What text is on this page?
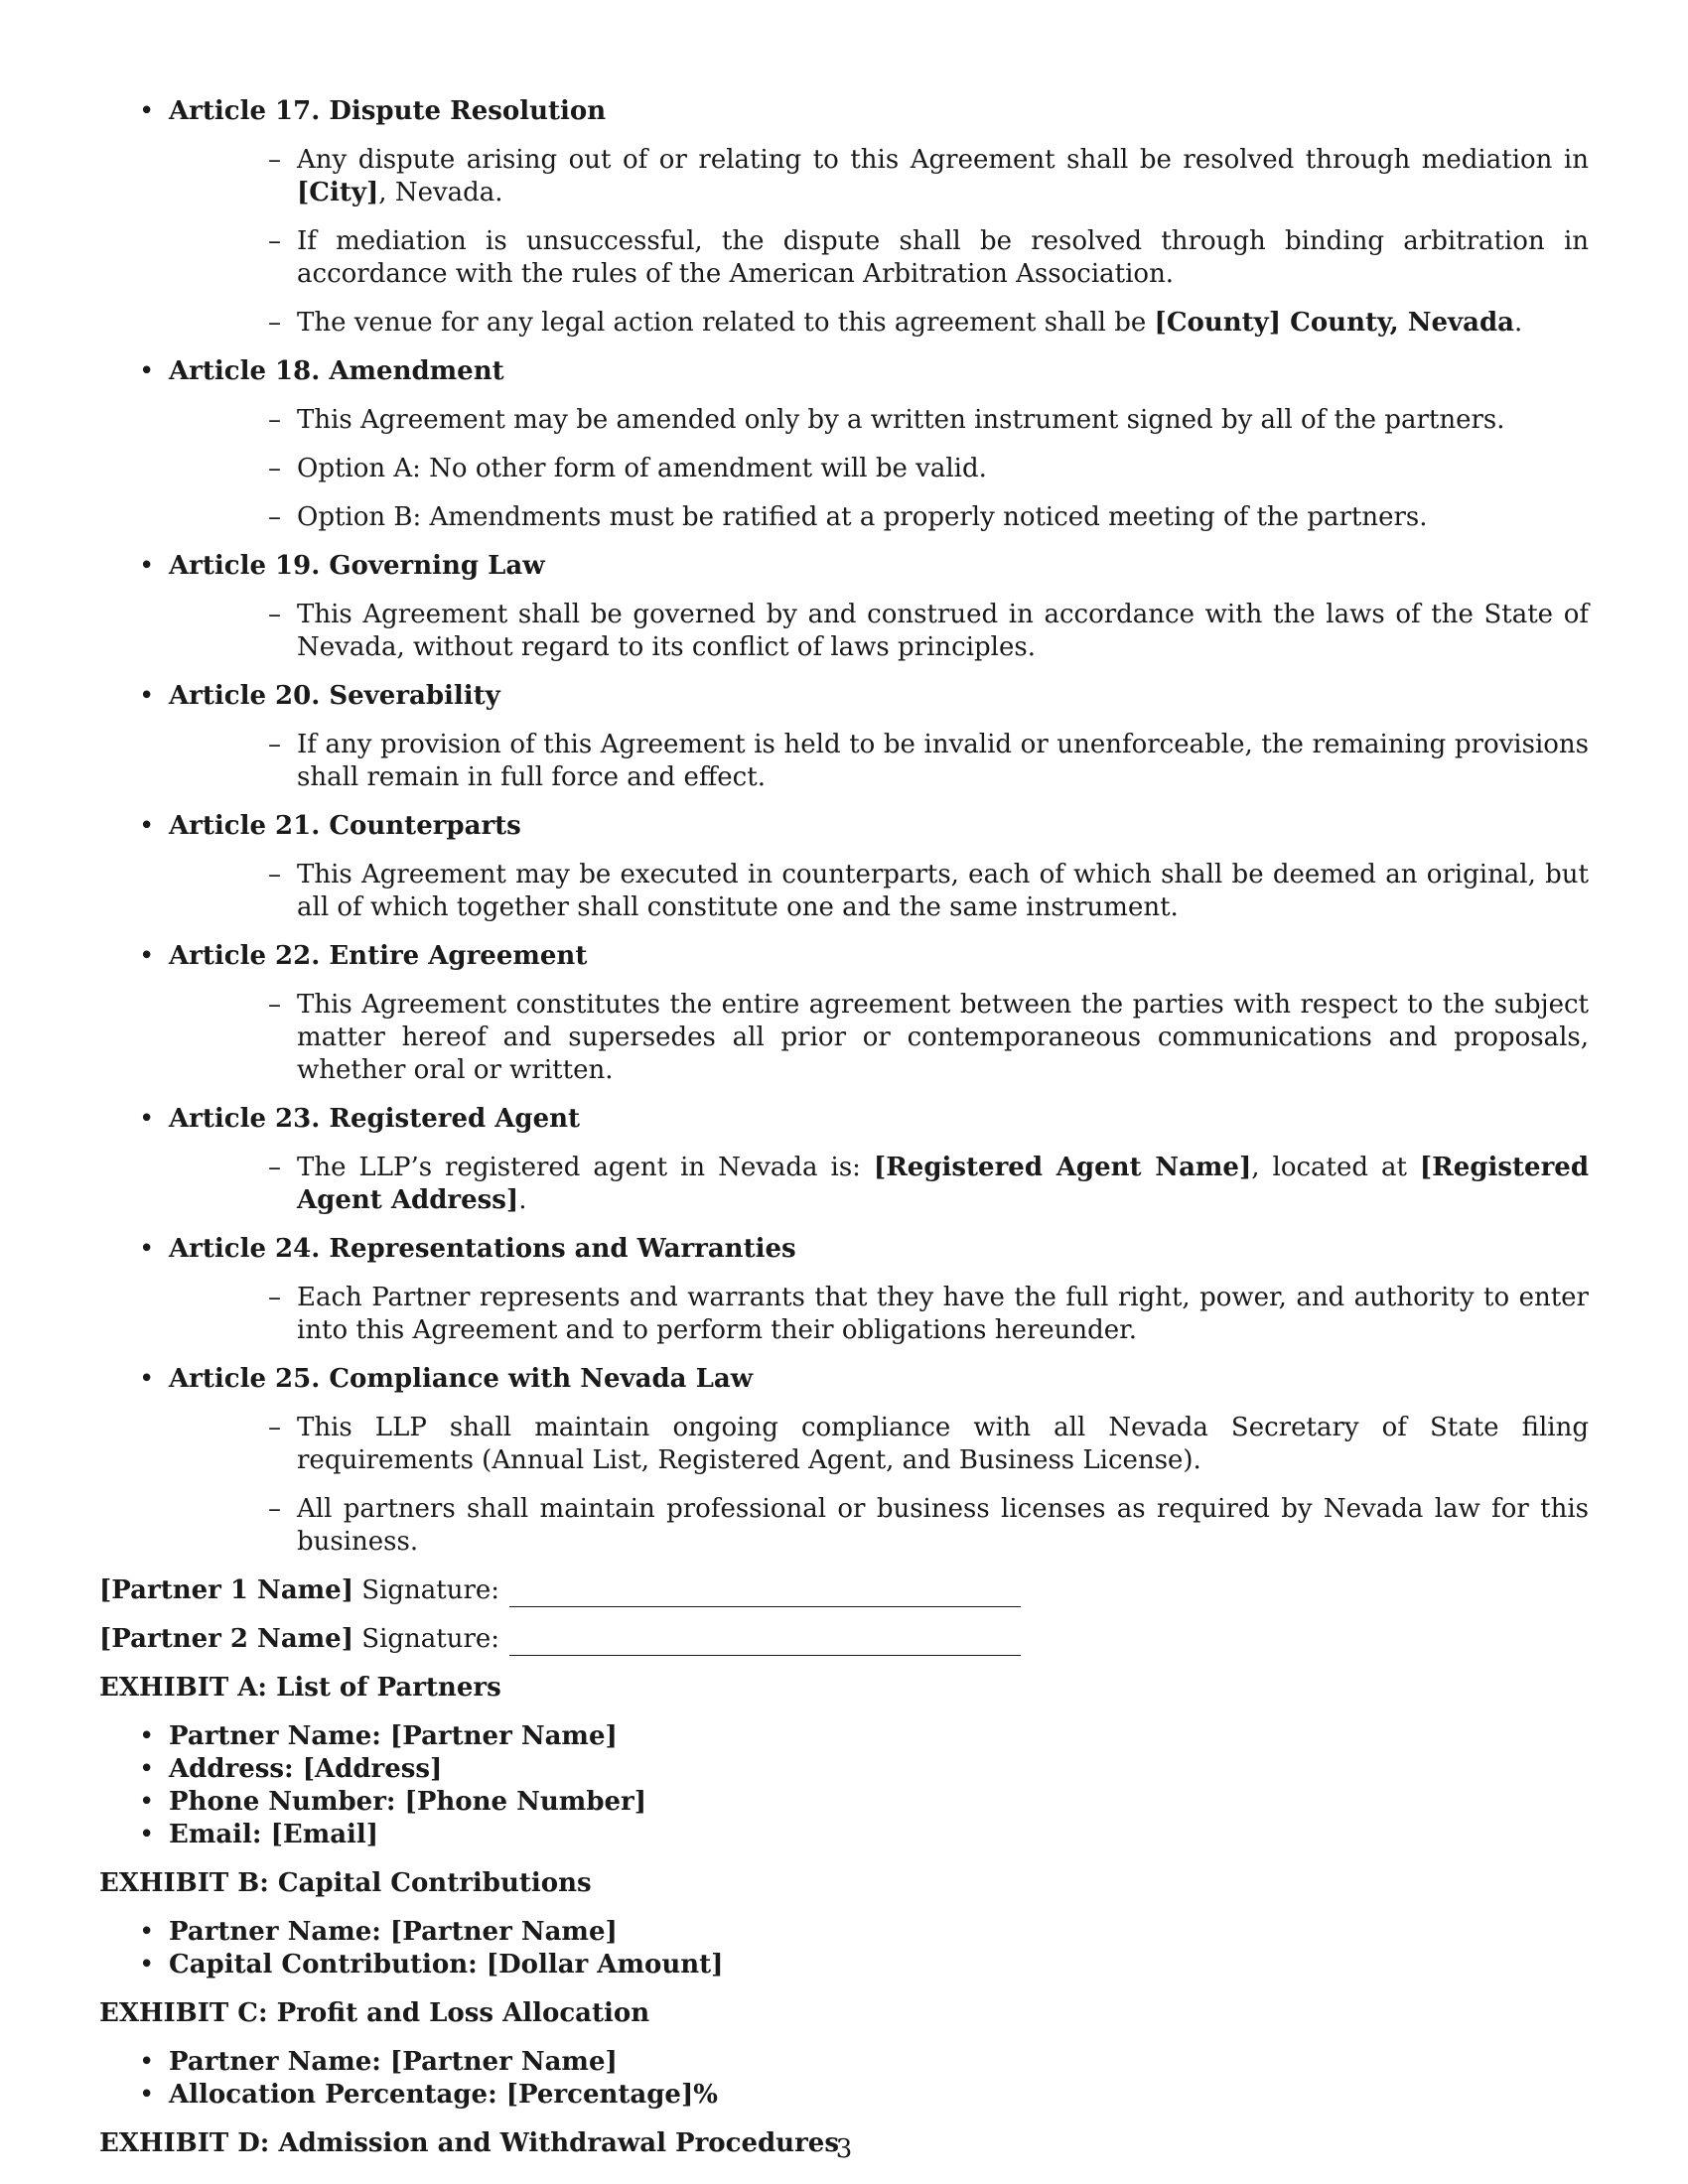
• Article 17. Dispute Resolution
– Any dispute arising out of or relating to this Agreement shall be resolved through mediation in [City], Nevada.
– If mediation is unsuccessful, the dispute shall be resolved through binding arbitration in accordance with the rules of the American Arbitration Association.
– The venue for any legal action related to this agreement shall be [County] County, Nevada.
• Article 18. Amendment
– This Agreement may be amended only by a written instrument signed by all of the partners.
– Option A: No other form of amendment will be valid.
– Option B: Amendments must be ratified at a properly noticed meeting of the partners.
• Article 19. Governing Law
– This Agreement shall be governed by and construed in accordance with the laws of the State of Nevada, without regard to its conflict of laws principles.
• Article 20. Severability
– If any provision of this Agreement is held to be invalid or unenforceable, the remaining provisions shall remain in full force and effect.
• Article 21. Counterparts
– This Agreement may be executed in counterparts, each of which shall be deemed an original, but all of which together shall constitute one and the same instrument.
• Article 22. Entire Agreement
– This Agreement constitutes the entire agreement between the parties with respect to the subject matter hereof and supersedes all prior or contemporaneous communications and proposals, whether oral or written.
• Article 23. Registered Agent
– The LLP’s registered agent in Nevada is: [Registered Agent Name], located at [Registered Agent Address].
• Article 24. Representations and Warranties
– Each Partner represents and warrants that they have the full right, power, and authority to enter into this Agreement and to perform their obligations hereunder.
• Article 25. Compliance with Nevada Law
– This LLP shall maintain ongoing compliance with all Nevada Secretary of State filing requirements (Annual List, Registered Agent, and Business License).
– All partners shall maintain professional or business licenses as required by Nevada law for this business.
[Partner 1 Name] Signature:
[Partner 2 Name] Signature:
EXHIBIT A: List of Partners
• Partner Name: [Partner Name]
• Address: [Address]
• Phone Number: [Phone Number]
• Email: [Email]
EXHIBIT B: Capital Contributions
• Partner Name: [Partner Name]
• Capital Contribution: [Dollar Amount]
EXHIBIT C: Profit and Loss Allocation
• Partner Name: [Partner Name]
• Allocation Percentage: [Percentage]%
EXHIBIT D: Admission and Withdrawal Procedures
3
